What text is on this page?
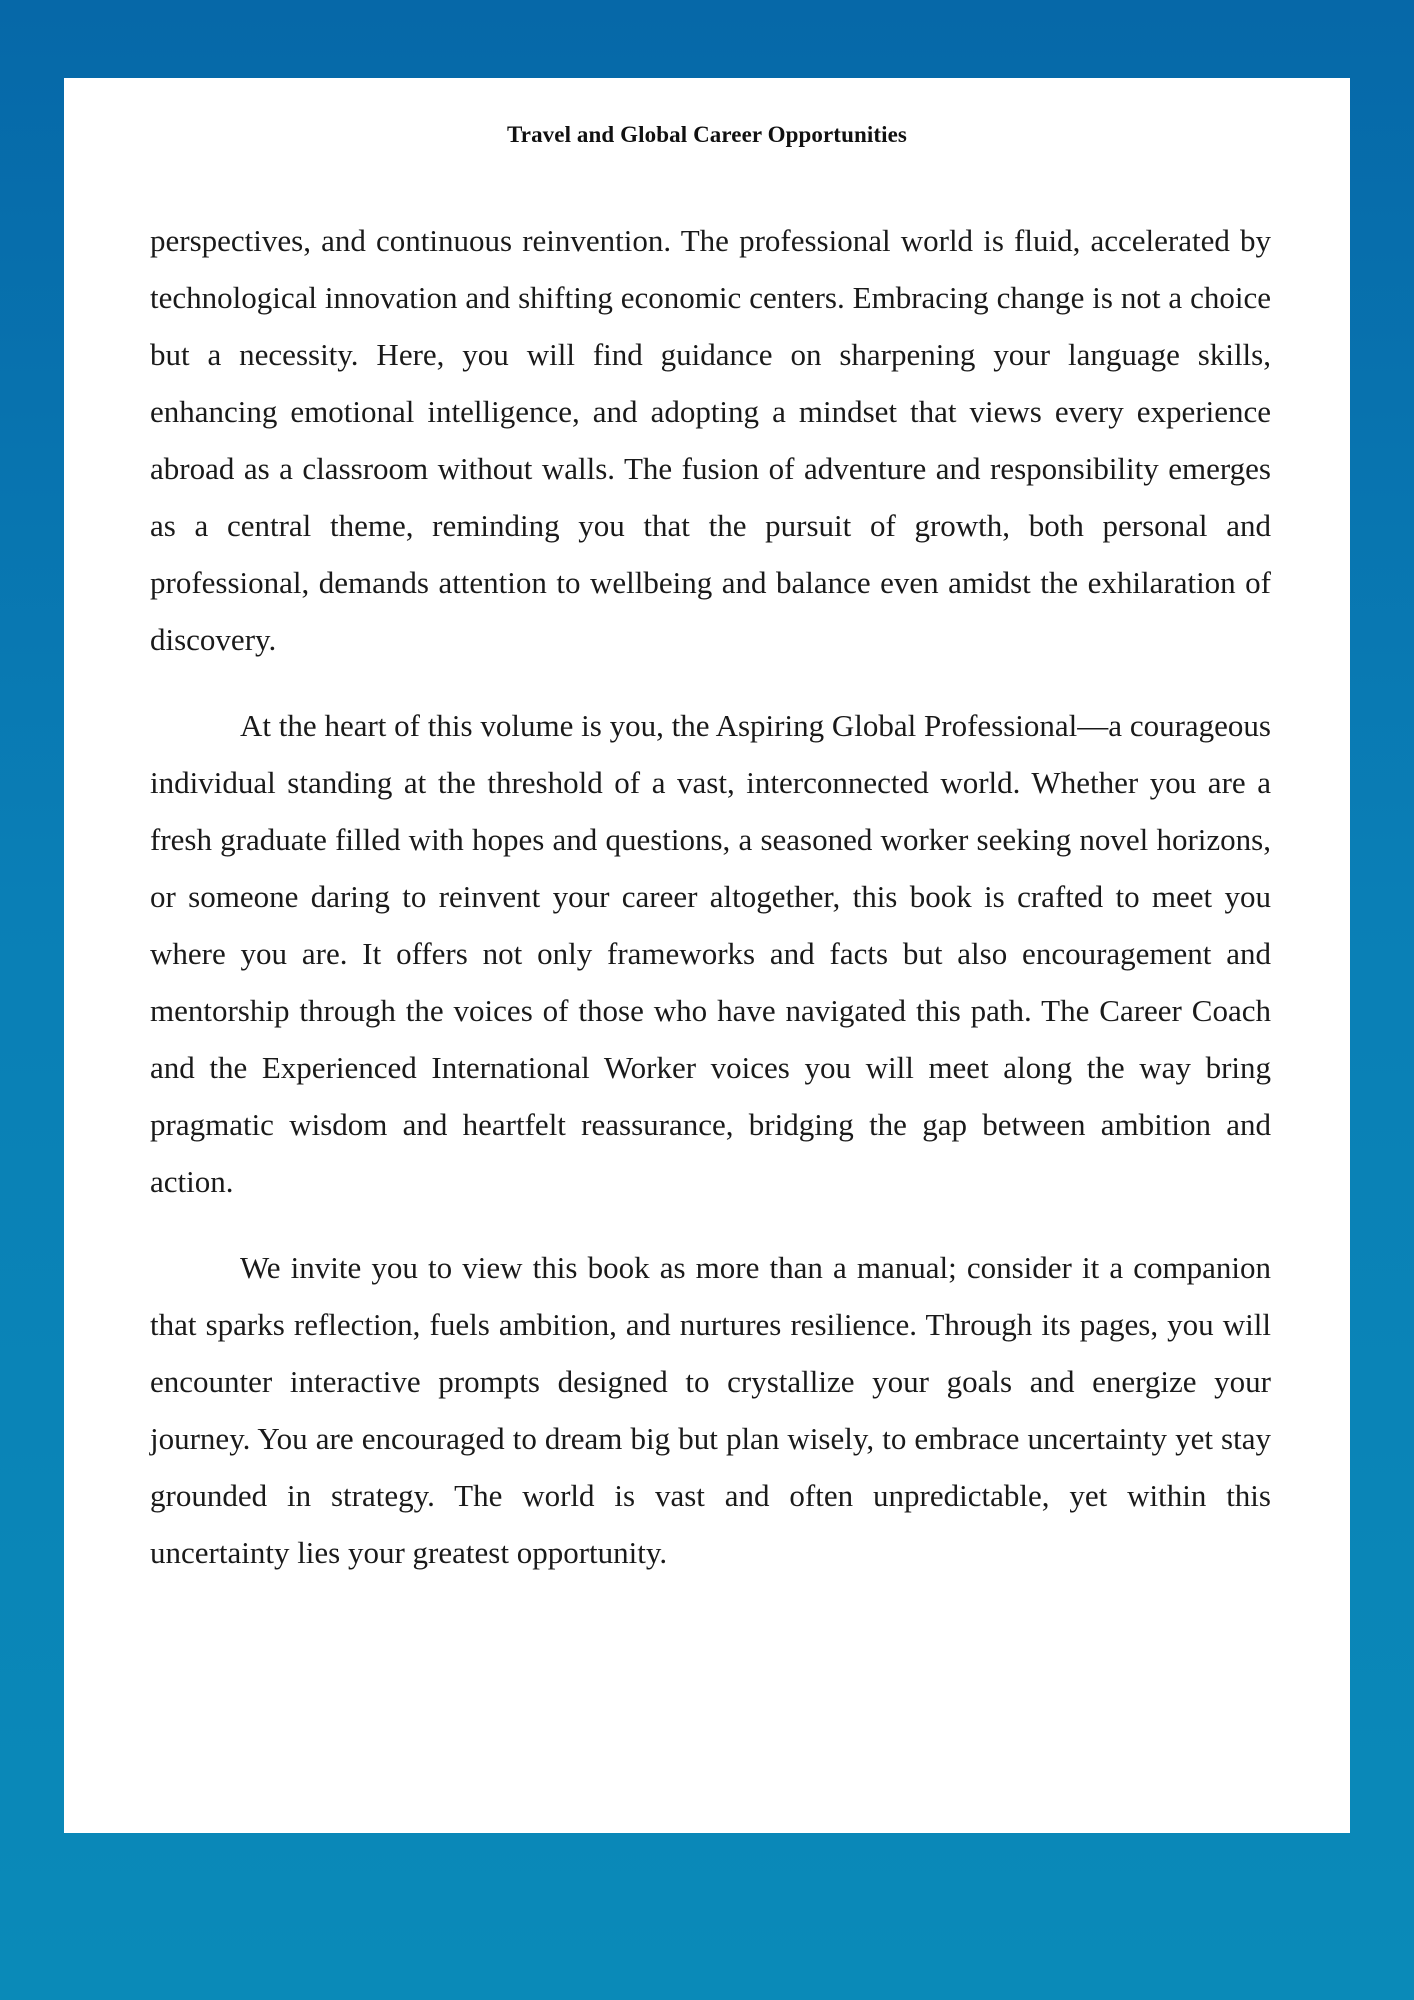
Travel and Global Career Opportunities

perspectives, and continuous reinvention. The professional world is fluid, accelerated by technological innovation and shifting economic centers. Embracing change is not a choice but a necessity. Here, you will find guidance on sharpening your language skills, enhancing emotional intelligence, and adopting a mindset that views every experience abroad as a classroom without walls. The fusion of adventure and responsibility emerges as a central theme, reminding you that the pursuit of growth, both personal and professional, demands attention to wellbeing and balance even amidst the exhilaration of discovery.

At the heart of this volume is you, the Aspiring Global Professional—a courageous individual standing at the threshold of a vast, interconnected world. Whether you are a fresh graduate filled with hopes and questions, a seasoned worker seeking novel horizons, or someone daring to reinvent your career altogether, this book is crafted to meet you where you are. It offers not only frameworks and facts but also encouragement and mentorship through the voices of those who have navigated this path. The Career Coach and the Experienced International Worker voices you will meet along the way bring pragmatic wisdom and heartfelt reassurance, bridging the gap between ambition and action.

We invite you to view this book as more than a manual; consider it a companion that sparks reflection, fuels ambition, and nurtures resilience. Through its pages, you will encounter interactive prompts designed to crystallize your goals and energize your journey. You are encouraged to dream big but plan wisely, to embrace uncertainty yet stay grounded in strategy. The world is vast and often unpredictable, yet within this uncertainty lies your greatest opportunity.
